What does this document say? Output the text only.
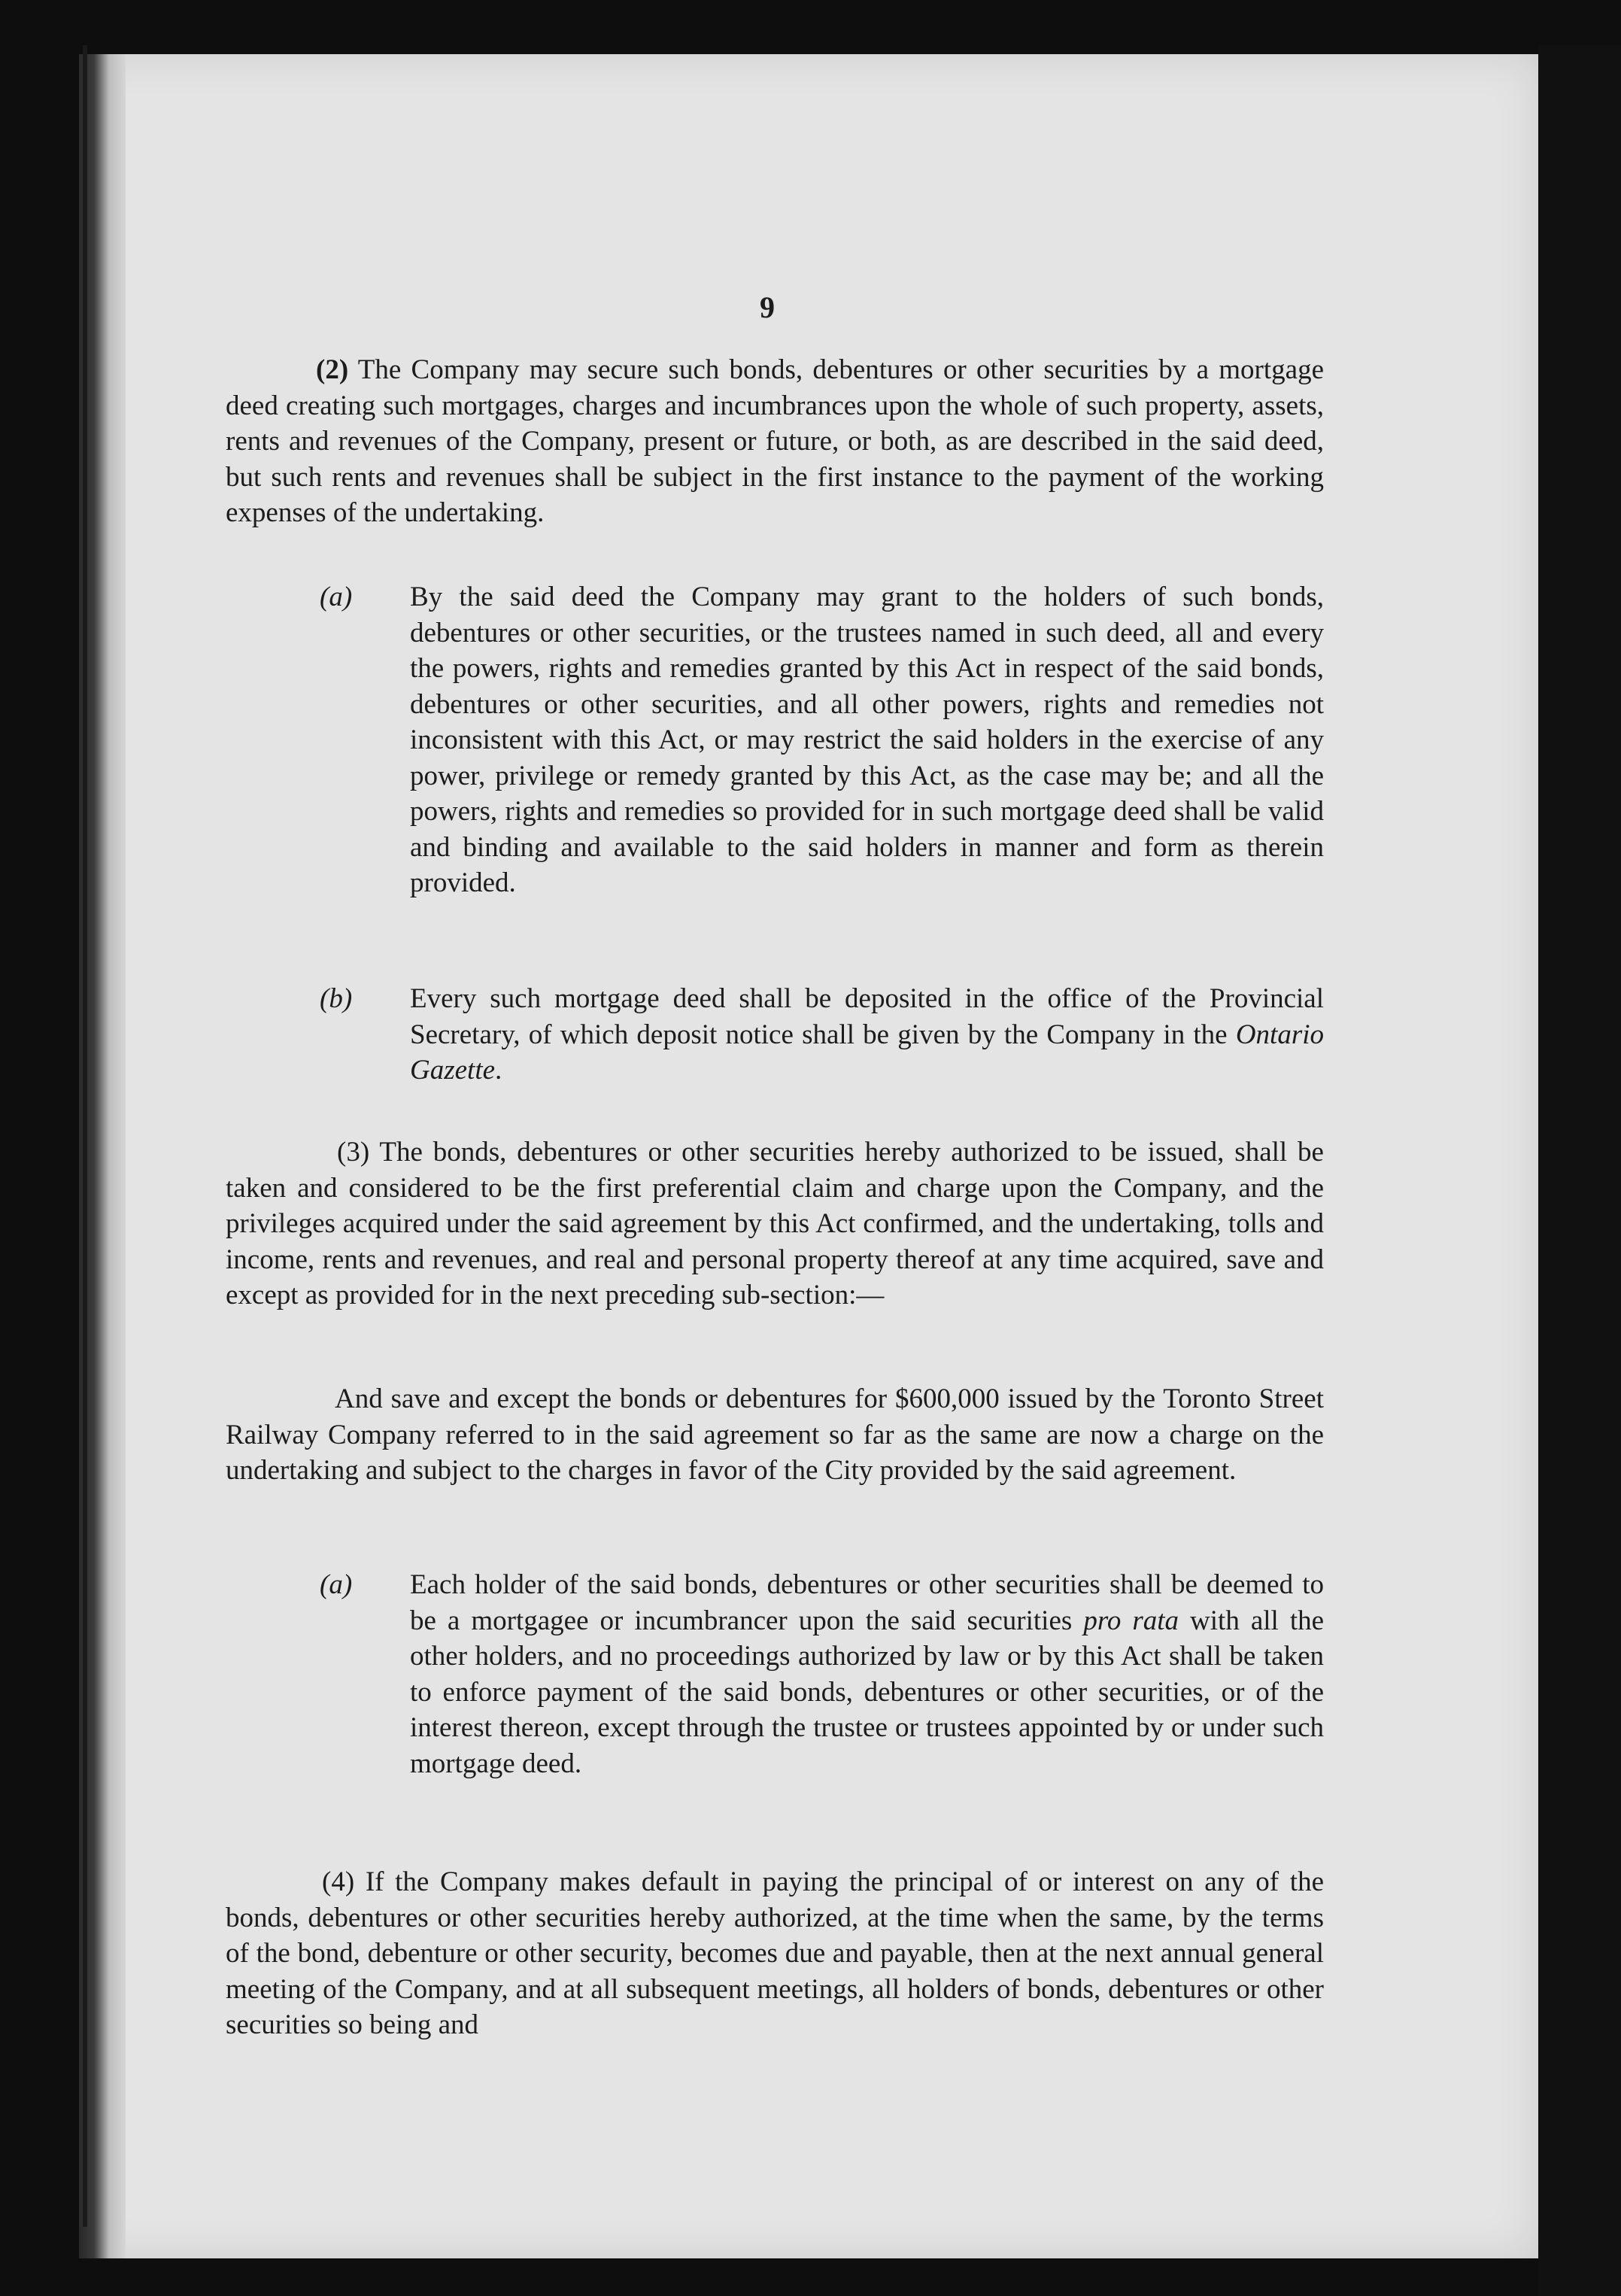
9

(2) The Company may secure such bonds, debentures or other securities by a mortgage deed creating such mortgages, charges and incumbrances upon the whole of such property, assets, rents and revenues of the Company, present or future, or both, as are described in the said deed, but such rents and revenues shall be subject in the first instance to the payment of the working expenses of the undertaking.

(a) By the said deed the Company may grant to the holders of such bonds, debentures or other securities, or the trustees named in such deed, all and every the powers, rights and remedies granted by this Act in respect of the said bonds, debentures or other securities, and all other powers, rights and remedies not inconsistent with this Act, or may restrict the said holders in the exercise of any power, privilege or remedy granted by this Act, as the case may be; and all the powers, rights and remedies so provided for in such mortgage deed shall be valid and binding and available to the said holders in manner and form as therein provided.

(b) Every such mortgage deed shall be deposited in the office of the Provincial Secretary, of which deposit notice shall be given by the Company in the Ontario Gazette.

(3) The bonds, debentures or other securities hereby authorized to be issued, shall be taken and considered to be the first preferential claim and charge upon the Company, and the privileges acquired under the said agreement by this Act confirmed, and the undertaking, tolls and income, rents and revenues, and real and personal property thereof at any time acquired, save and except as provided for in the next preceding sub-section:—

And save and except the bonds or debentures for $600,000 issued by the Toronto Street Railway Company referred to in the said agreement so far as the same are now a charge on the undertaking and subject to the charges in favor of the City provided by the said agreement.

(a) Each holder of the said bonds, debentures or other securities shall be deemed to be a mortgagee or incumbrancer upon the said securities pro rata with all the other holders, and no proceedings authorized by law or by this Act shall be taken to enforce payment of the said bonds, debentures or other securities, or of the interest thereon, except through the trustee or trustees appointed by or under such mortgage deed.

(4) If the Company makes default in paying the principal of or interest on any of the bonds, debentures or other securities hereby authorized, at the time when the same, by the terms of the bond, debenture or other security, becomes due and payable, then at the next annual general meeting of the Company, and at all subsequent meetings, all holders of bonds, debentures or other securities so being and
